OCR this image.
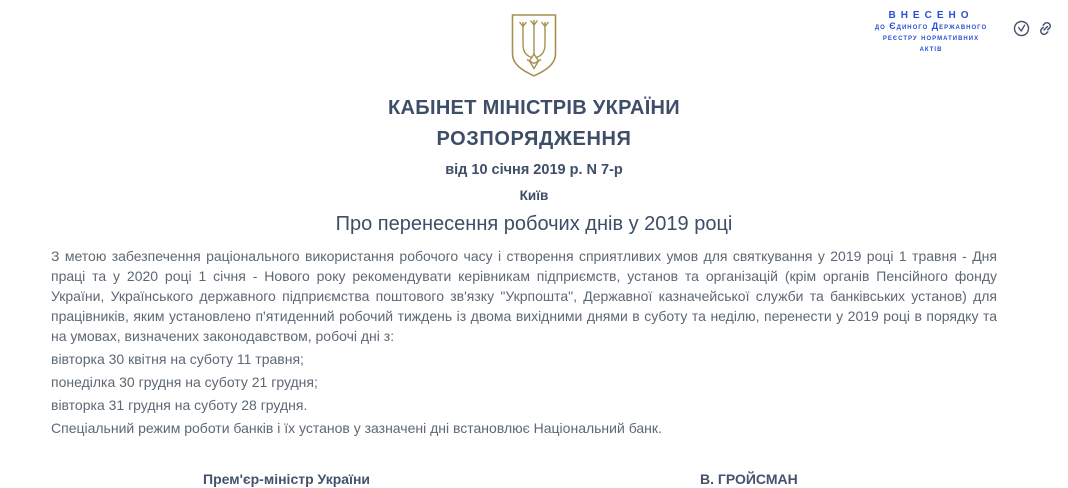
ВНЕСЕНО
до Єдиного Державного
реєстру нормативних
актів
КАБІНЕТ МІНІСТРІВ УКРАЇНИ
РОЗПОРЯДЖЕННЯ

від 10 січня 2019 р. N 7-р

Київ

Про перенесення робочих днів у 2019 році

З метою забезпечення раціонального використання робочого часу і створення сприятливих умов для святкування у 2019 році 1 травня - Дня праці та у 2020 році 1 січня - Нового року рекомендувати керівникам підприємств, установ та організацій (крім органів Пенсійного фонду України, Українського державного підприємства поштового зв'язку "Укрпошта", Державної казначейської служби та банківських установ) для працівників, яким установлено п'ятиденний робочий тиждень із двома вихідними днями в суботу та неділю, перенести у 2019 році в порядку та на умовах, визначених законодавством, робочі дні з:

вівторка 30 квітня на суботу 11 травня;

понеділка 30 грудня на суботу 21 грудня;

вівторка 31 грудня на суботу 28 грудня.

Спеціальний режим роботи банків і їх установ у зазначені дні встановлює Національний банк.

Прем'єр-міністр України	В. ГРОЙСМАН
